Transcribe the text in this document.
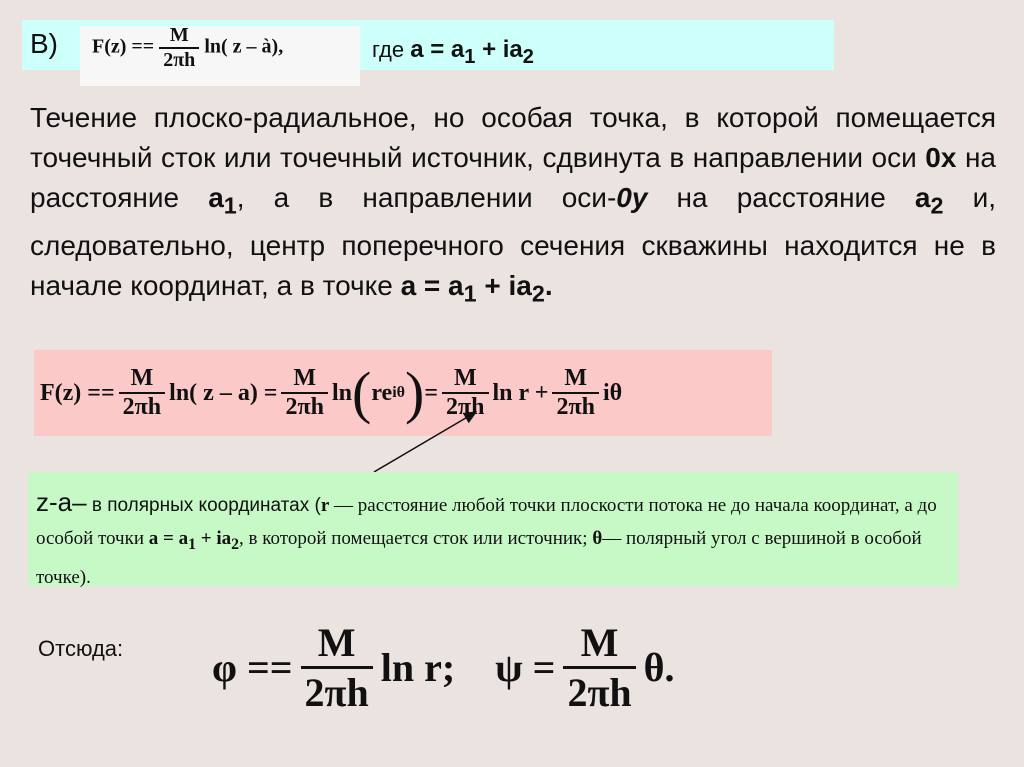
В) $F(z) == \frac{M}{2\pi h} \ln$( z – à),	где $a = a_1 + ia_2$
Течение плоско-радиальное, но особая точка, в которой помещается точечный сток или точечный источник, сдвинута в направлении оси 0x на расстояние $a_1$, а в направлении оси-0y на расстояние $a_2$ и, следовательно, центр поперечного сечения скважины находится не в начале координат, а в точке $a = a_1 + ia_2$.
$F(z) == \frac{M}{2\pi h} \ln$( $z - a) = \frac{M}{2\pi h}$ ln ( re iθ ) = $\frac{M}{2\pi h}$ $\ln r + \frac{M}{2\pi h}$ iθ
z-a– в полярных координатах (r — расстояние любой точки плоскости потока не до начала координат, а до особой точки $a = a_1 + ia_2$, в которой помещается сток или источник; θ— полярный угол с вершиной в особой точке).
Отсюда: $\varphi == \frac{M}{2\pi h}$ ln r; $\psi = \frac{M}{2\pi h} \theta$.
